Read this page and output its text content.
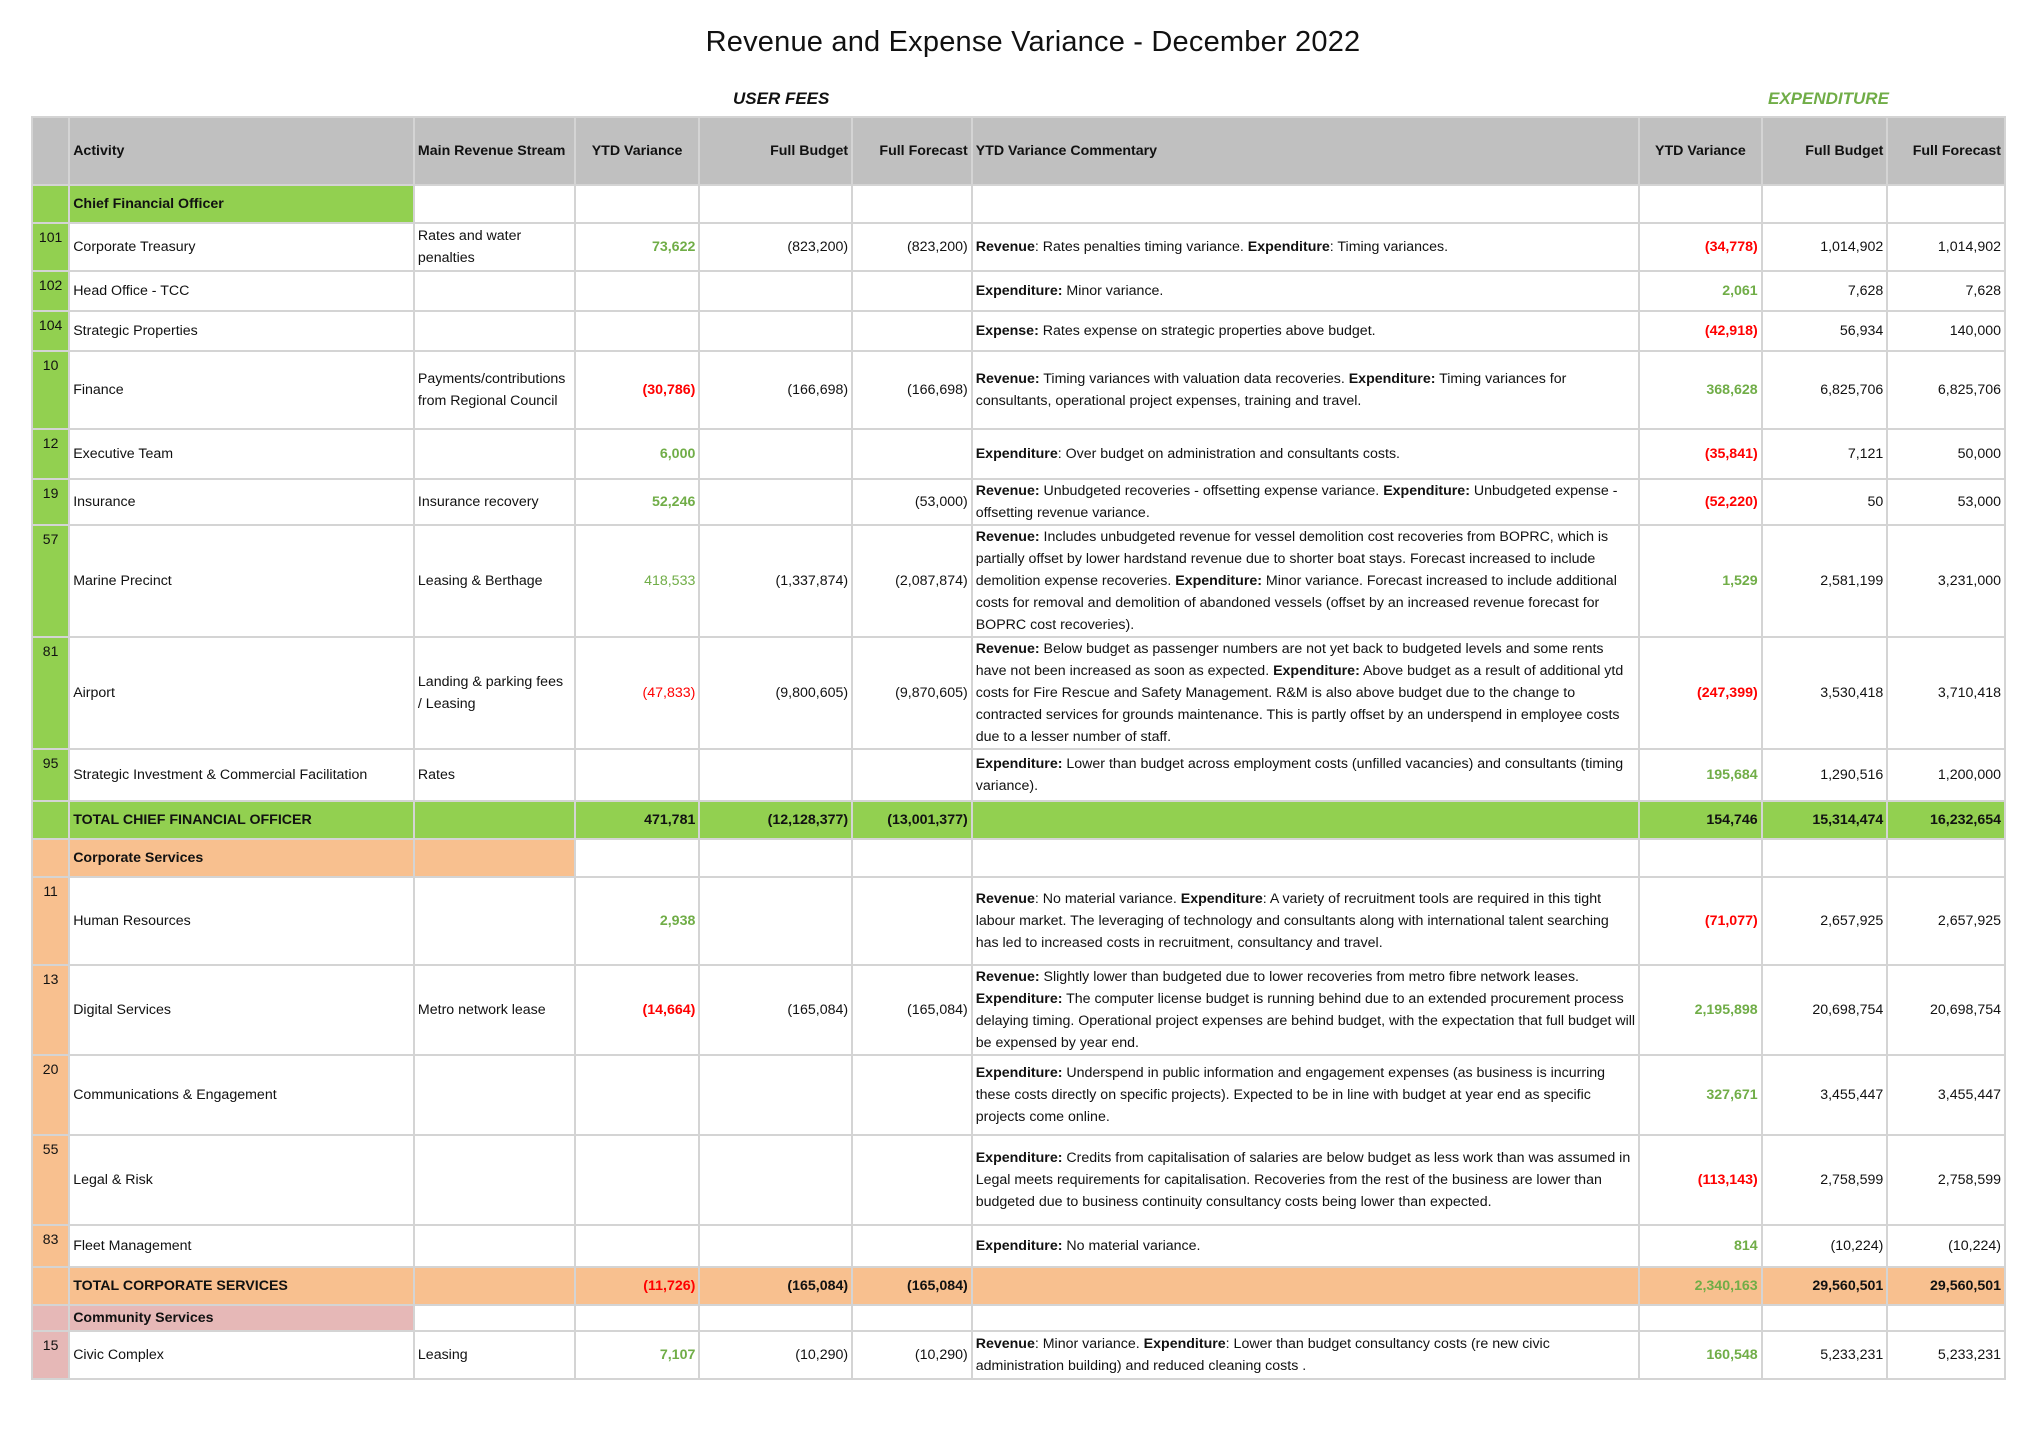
Revenue and Expense Variance - December 2022
USER FEES	EXPENDITURE
	Activity	Main Revenue Stream	YTD Variance	Full Budget	Full Forecast	YTD Variance Commentary	YTD Variance	Full Budget	Full Forecast
	Chief Financial Officer								
101	Corporate Treasury	Rates and water penalties	73,622	(823,200)	(823,200)	Revenue: Rates penalties timing variance. Expenditure: Timing variances.	(34,778)	1,014,902	1,014,902
102	Head Office - TCC					Expenditure: Minor variance.	2,061	7,628	7,628
104	Strategic Properties					Expense: Rates expense on strategic properties above budget.	(42,918)	56,934	140,000
10	Finance	Payments/contributions from Regional Council	(30,786)	(166,698)	(166,698)	Revenue: Timing variances with valuation data recoveries. Expenditure: Timing variances for consultants, operational project expenses, training and travel.	368,628	6,825,706	6,825,706
12	Executive Team		6,000			Expenditure: Over budget on administration and consultants costs.	(35,841)	7,121	50,000
19	Insurance	Insurance recovery	52,246		(53,000)	Revenue: Unbudgeted recoveries - offsetting expense variance. Expenditure: Unbudgeted expense - offsetting revenue variance.	(52,220)	50	53,000
57	Marine Precinct	Leasing & Berthage	418,533	(1,337,874)	(2,087,874)	Revenue: Includes unbudgeted revenue for vessel demolition cost recoveries from BOPRC, which is partially offset by lower hardstand revenue due to shorter boat stays. Forecast increased to include demolition expense recoveries. Expenditure: Minor variance. Forecast increased to include additional costs for removal and demolition of abandoned vessels (offset by an increased revenue forecast for BOPRC cost recoveries).	1,529	2,581,199	3,231,000
81	Airport	Landing & parking fees / Leasing	(47,833)	(9,800,605)	(9,870,605)	Revenue: Below budget as passenger numbers are not yet back to budgeted levels and some rents have not been increased as soon as expected. Expenditure: Above budget as a result of additional ytd costs for Fire Rescue and Safety Management. R&M is also above budget due to the change to contracted services for grounds maintenance. This is partly offset by an underspend in employee costs due to a lesser number of staff.	(247,399)	3,530,418	3,710,418
95	Strategic Investment & Commercial Facilitation	Rates				Expenditure: Lower than budget across employment costs (unfilled vacancies) and consultants (timing variance).	195,684	1,290,516	1,200,000
	TOTAL CHIEF FINANCIAL OFFICER		471,781	(12,128,377)	(13,001,377)		154,746	15,314,474	16,232,654
	Corporate Services								
11	Human Resources		2,938			Revenue: No material variance. Expenditure: A variety of recruitment tools are required in this tight labour market. The leveraging of technology and consultants along with international talent searching has led to increased costs in recruitment, consultancy and travel.	(71,077)	2,657,925	2,657,925
13	Digital Services	Metro network lease	(14,664)	(165,084)	(165,084)	Revenue: Slightly lower than budgeted due to lower recoveries from metro fibre network leases. Expenditure: The computer license budget is running behind due to an extended procurement process delaying timing. Operational project expenses are behind budget, with the expectation that full budget will be expensed by year end.	2,195,898	20,698,754	20,698,754
20	Communications & Engagement					Expenditure: Underspend in public information and engagement expenses (as business is incurring these costs directly on specific projects). Expected to be in line with budget at year end as specific projects come online.	327,671	3,455,447	3,455,447
55	Legal & Risk					Expenditure: Credits from capitalisation of salaries are below budget as less work than was assumed in Legal meets requirements for capitalisation. Recoveries from the rest of the business are lower than budgeted due to business continuity consultancy costs being lower than expected.	(113,143)	2,758,599	2,758,599
83	Fleet Management					Expenditure: No material variance.	814	(10,224)	(10,224)
	TOTAL CORPORATE SERVICES		(11,726)	(165,084)	(165,084)		2,340,163	29,560,501	29,560,501
	Community Services								
15	Civic Complex	Leasing	7,107	(10,290)	(10,290)	Revenue: Minor variance. Expenditure: Lower than budget consultancy costs (re new civic administration building) and reduced cleaning costs .	160,548	5,233,231	5,233,231
